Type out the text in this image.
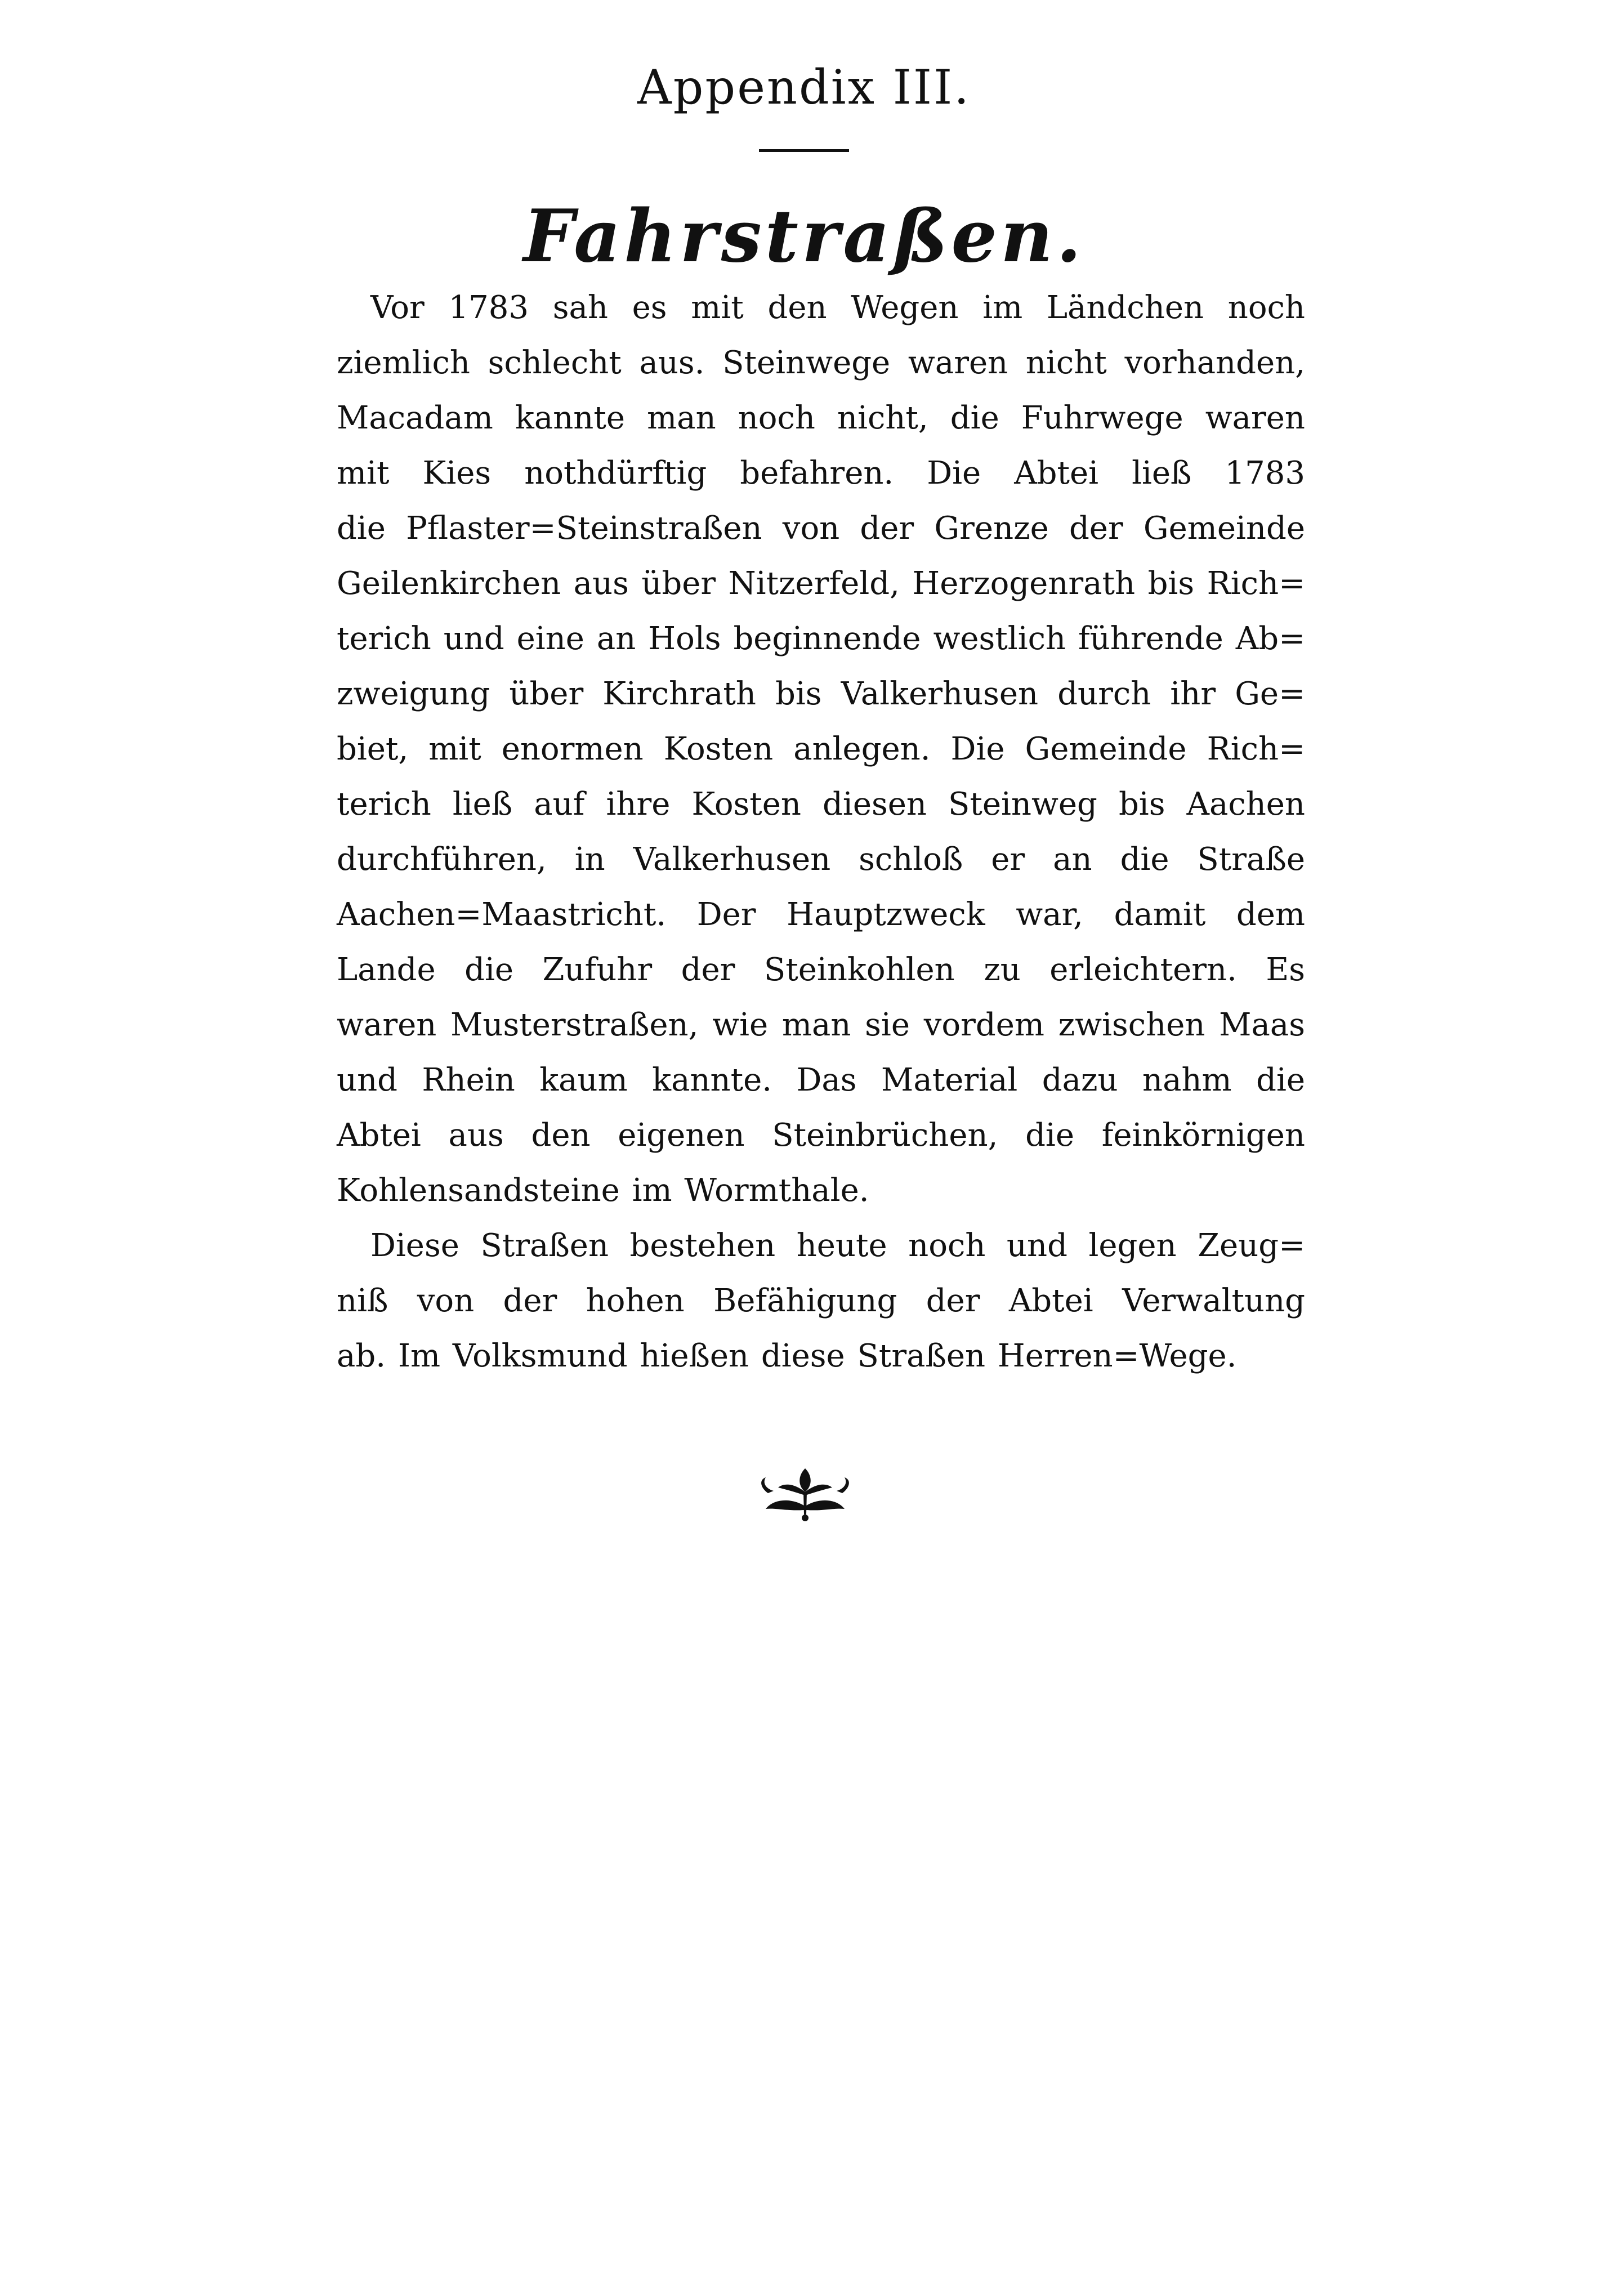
Appendix III.
Fahrstraßen.
Vor 1783 sah es mit den Wegen im Ländchen noch
ziemlich schlecht aus. Steinwege waren nicht vorhanden,
Macadam kannte man noch nicht, die Fuhrwege waren
mit Kies nothdürftig befahren. Die Abtei ließ 1783
die Pflaster=Steinstraßen von der Grenze der Gemeinde
Geilenkirchen aus über Nitzerfeld, Herzogenrath bis Rich=
terich und eine an Hols beginnende westlich führende Ab=
zweigung über Kirchrath bis Valkerhusen durch ihr Ge=
biet, mit enormen Kosten anlegen. Die Gemeinde Rich=
terich ließ auf ihre Kosten diesen Steinweg bis Aachen
durchführen, in Valkerhusen schloß er an die Straße
Aachen=Maastricht. Der Hauptzweck war, damit dem
Lande die Zufuhr der Steinkohlen zu erleichtern. Es
waren Musterstraßen, wie man sie vordem zwischen Maas
und Rhein kaum kannte. Das Material dazu nahm die
Abtei aus den eigenen Steinbrüchen, die feinkörnigen
Kohlensandsteine im Wormthale.
Diese Straßen bestehen heute noch und legen Zeug=
niß von der hohen Befähigung der Abtei Verwaltung
ab. Im Volksmund hießen diese Straßen Herren=Wege.
